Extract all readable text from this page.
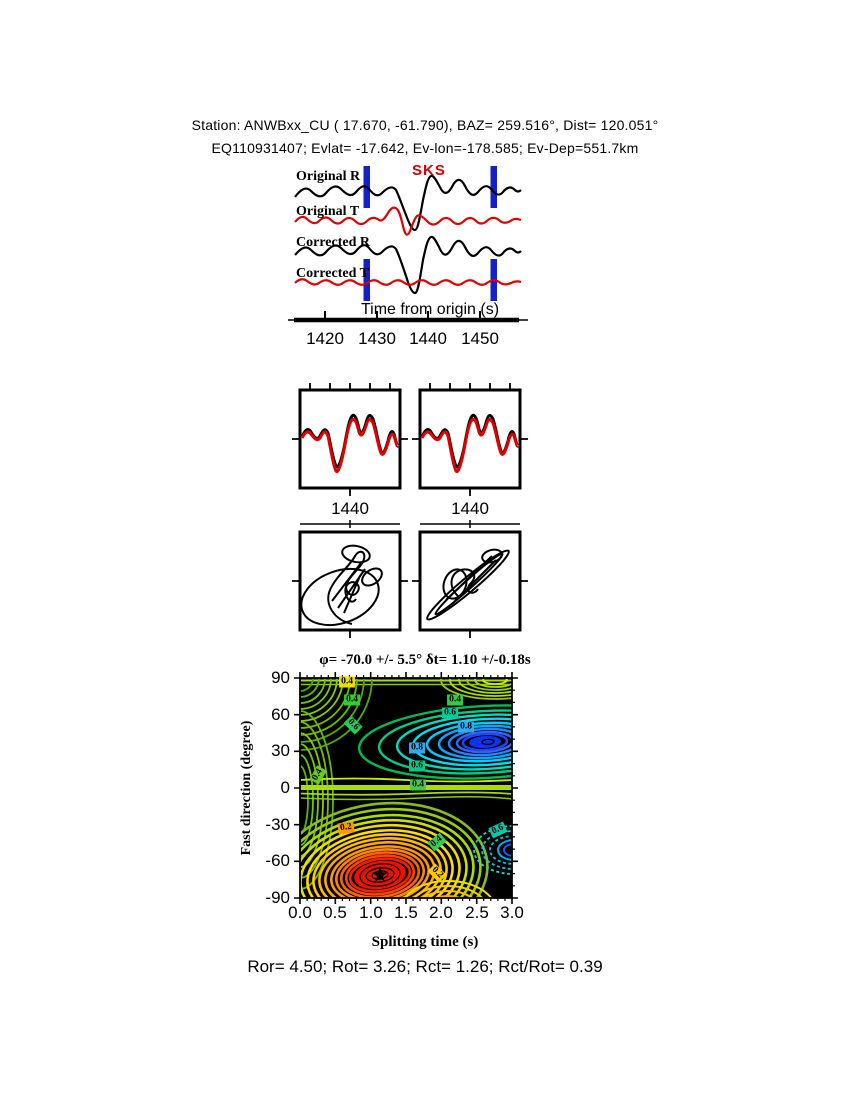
Station: ANWBxx_CU ( 17.670, -61.790), BAZ= 259.516°, Dist= 120.051°
EQ110931407; Evlat= -17.642, Ev-lon=-178.585; Ev-Dep=551.7km
Original R
Original T
Corrected R
Corrected T
SKS
Time from origin (s)
1420 1430 1440 1450
1440	1440
φ= -70.0 +/- 5.5° δt= 1.10 +/-0.18s
0.4
0.4
0.6
0.4
0.6
0.8
0.8
0.6
0.4
0.4
0.2	0.6
0.4
0.2
90
60
30
0
-30
-60
-90
0.0 0.5 1.0 1.5 2.0 2.5 3.0
Fast direction (degree)
Splitting time (s)
Ror= 4.50; Rot= 3.26; Rct= 1.26; Rct/Rot= 0.39
